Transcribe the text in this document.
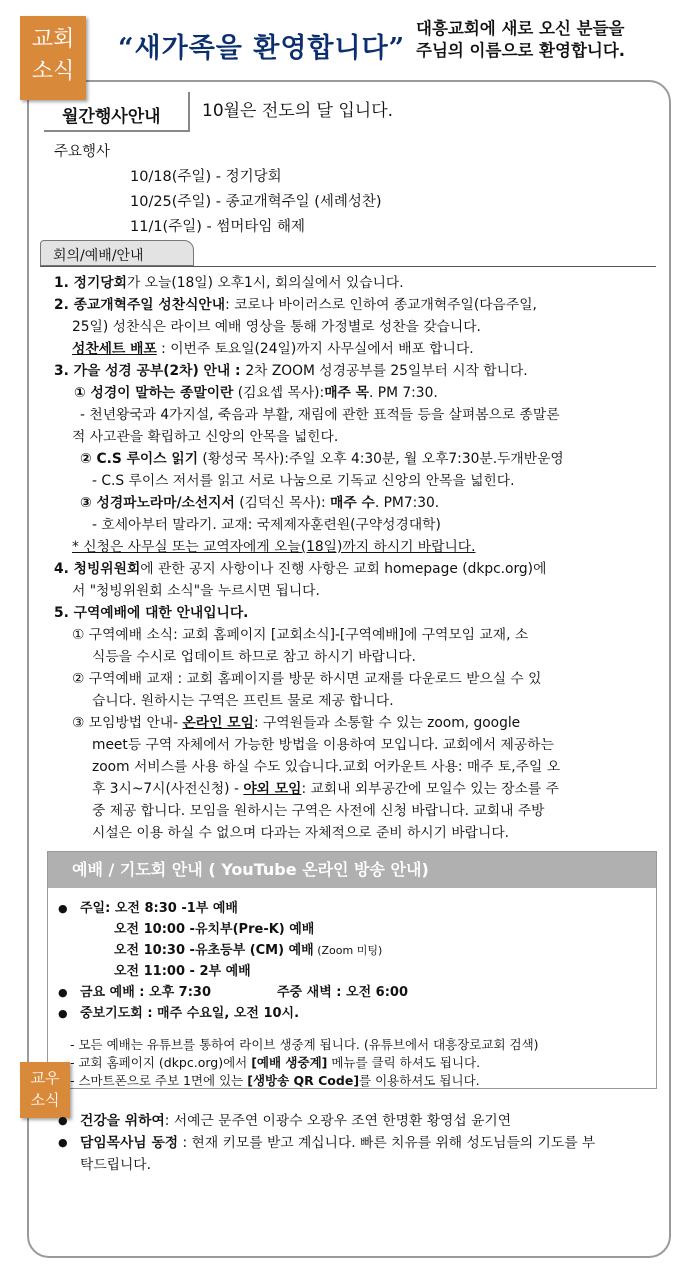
교회
소식
“새가족을 환영합니다”
대흥교회에 새로 오신 분들을
주님의 이름으로 환영합니다.
월간행사안내	10월은 전도의 달 입니다.
주요행사
10/18(주일) - 정기당회
10/25(주일) - 종교개혁주일 (세례성찬)
11/1(주일) - 썸머타임 해제
회의/예배/안내

1. 정기당회가 오늘(18일) 오후1시, 회의실에서 있습니다.

2. 종교개혁주일 성찬식안내: 코로나 바이러스로 인하여 종교개혁주일(다음주일,

25일) 성찬식은 라이브 예배 영상을 통해 가정별로 성찬을 갖습니다.

성찬세트 배포 : 이번주 토요일(24일)까지 사무실에서 배포 합니다.

3. 가을 성경 공부(2차) 안내 : 2차 ZOOM 성경공부를 25일부터 시작 합니다.

① 성경이 말하는 종말이란 (김요셉 목사):매주 목. PM 7:30.

- 천년왕국과 4가지설, 죽음과 부활, 재림에 관한 표적들 등을 살펴봄으로 종말론

적 사고관을 확립하고 신앙의 안목을 넓힌다.

② C.S 루이스 읽기 (황성국 목사):주일 오후 4:30분, 월 오후7:30분.두개반운영

- C.S 루이스 저서를 읽고 서로 나눔으로 기독교 신앙의 안목을 넓힌다.

③ 성경파노라마/소선지서 (김덕신 목사): 매주 수. PM7:30.

- 호세아부터 말라기. 교재: 국제제자훈련원(구약성경대학)

* 신청은 사무실 또는 교역자에게 오늘(18일)까지 하시기 바랍니다.

4. 청빙위원회에 관한 공지 사항이나 진행 사항은 교회 homepage (dkpc.org)에

서 "청빙위원회 소식"을 누르시면 됩니다.

5. 구역예배에 대한 안내입니다.

① 구역예배 소식: 교회 홈페이지 [교회소식]-[구역예배]에 구역모임 교재, 소

식등을 수시로 업데이트 하므로 참고 하시기 바랍니다.

② 구역예배 교재 : 교회 홈페이지를 방문 하시면 교재를 다운로드 받으실 수 있

습니다. 원하시는 구역은 프린트 물로 제공 합니다.

③ 모임방법 안내- 온라인 모임: 구역원들과 소통할 수 있는 zoom, google

meet등 구역 자체에서 가능한 방법을 이용하여 모입니다. 교회에서 제공하는

zoom 서비스를 사용 하실 수도 있습니다.교회 어카운트 사용: 매주 토,주일 오

후 3시~7시(사전신청) - 야외 모임: 교회내 외부공간에 모일수 있는 장소를 주

중 제공 합니다. 모임을 원하시는 구역은 사전에 신청 바랍니다. 교회내 주방

시설은 이용 하실 수 없으며 다과는 자체적으로 준비 하시기 바랍니다.

예배 / 기도회 안내 ( YouTube 온라인 방송 안내)
● 주일: 오전 8:30 -1부 예배
오전 10:00 -유치부(Pre-K) 예배
오전 10:30 -유초등부 (CM) 예배 (Zoom 미팅)
오전 11:00 - 2부 예배
● 금요 예배 : 오후 7:30	주중 새벽 : 오전 6:00
● 중보기도회 : 매주 수요일, 오전 10시.
- 모든 예배는 유튜브를 통하여 라이브 생중계 됩니다. (유튜브에서 대흥장로교회 검색)
- 교회 홈페이지 (dkpc.org)에서 [예배 생중계] 메뉴를 클릭 하셔도 됩니다.
- 스마트폰으로 주보 1면에 있는 [생방송 QR Code]를 이용하셔도 됩니다.
교우
소식
● 건강을 위하여: 서예근 문주연 이광수 오광우 조연 한명환 황영섭 윤기연
● 담임목사님 동정 : 현재 키모를 받고 계십니다. 빠른 치유를 위해 성도님들의 기도를 부
탁드립니다.
